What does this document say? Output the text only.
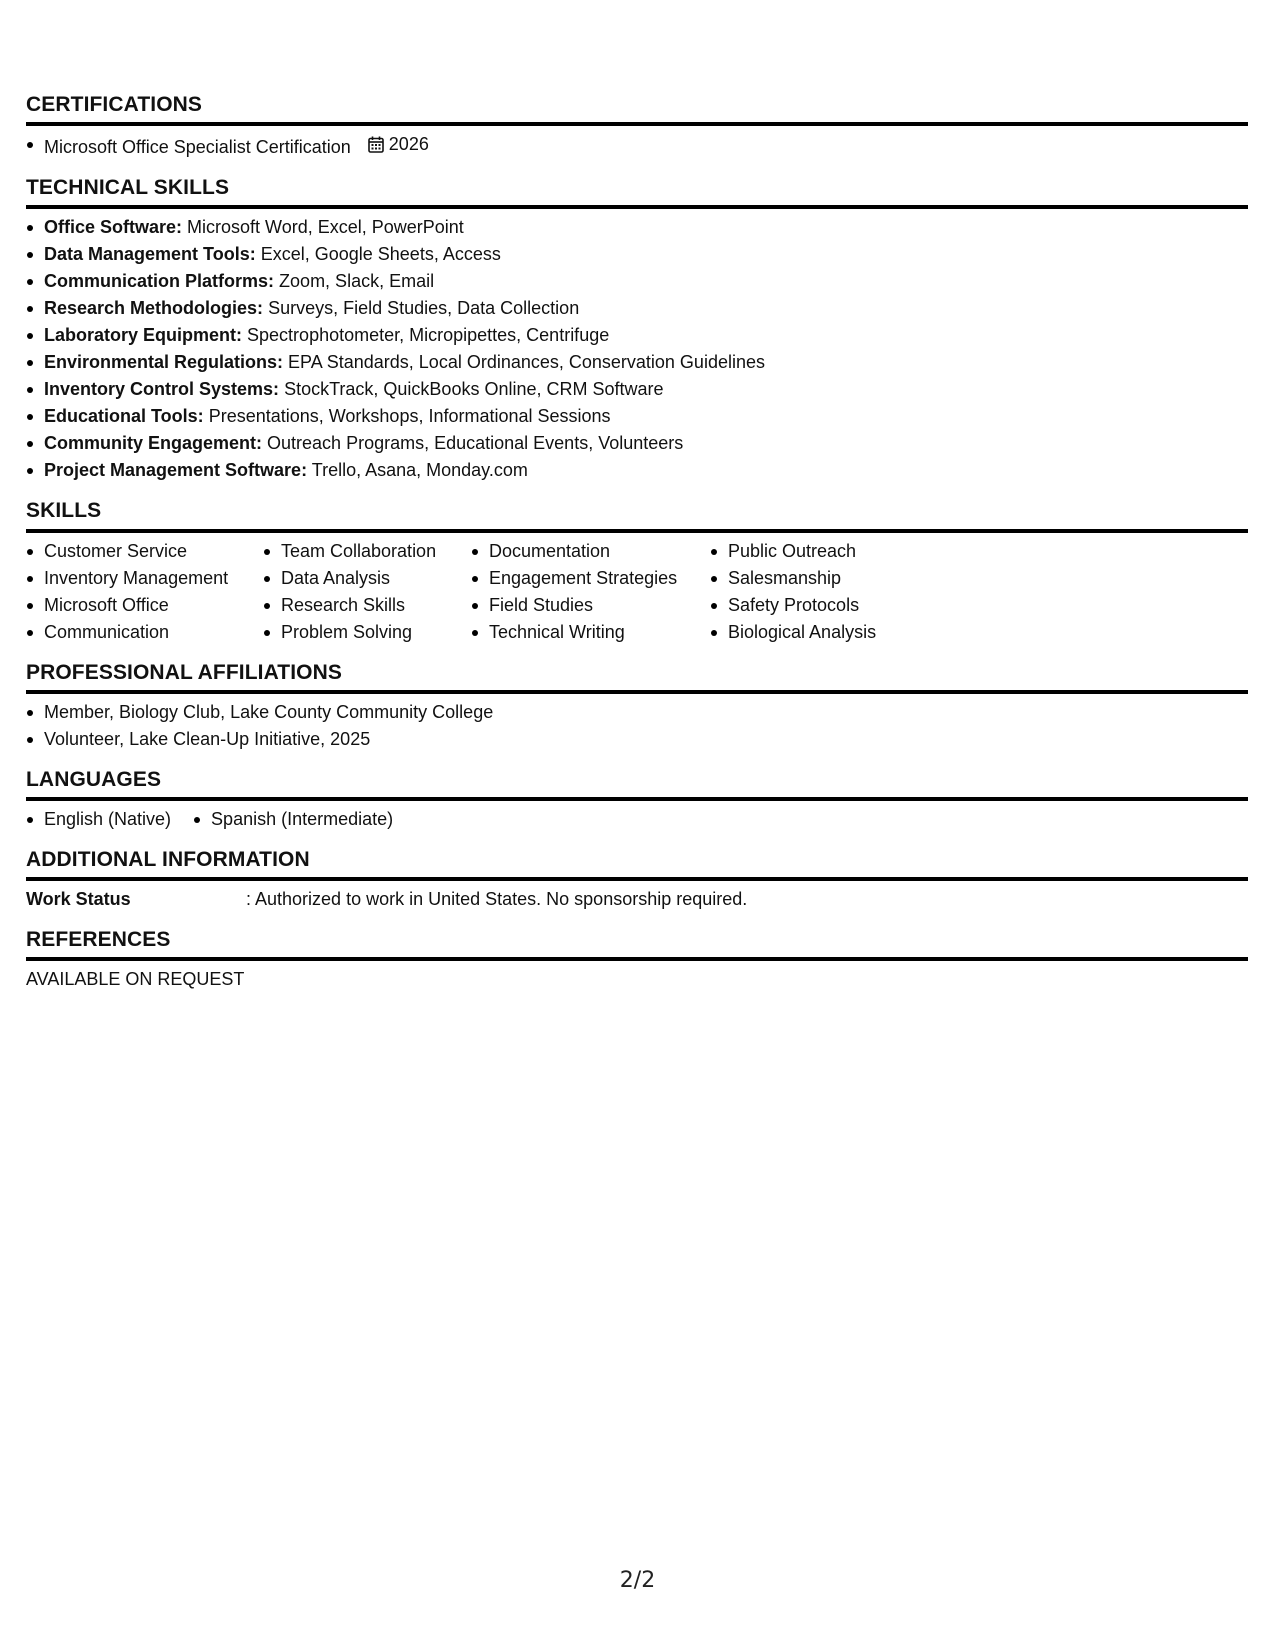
CERTIFICATIONS
Microsoft Office Specialist Certification 2026
TECHNICAL SKILLS
Office Software: Microsoft Word, Excel, PowerPoint
Data Management Tools: Excel, Google Sheets, Access
Communication Platforms: Zoom, Slack, Email
Research Methodologies: Surveys, Field Studies, Data Collection
Laboratory Equipment: Spectrophotometer, Micropipettes, Centrifuge
Environmental Regulations: EPA Standards, Local Ordinances, Conservation Guidelines
Inventory Control Systems: StockTrack, QuickBooks Online, CRM Software
Educational Tools: Presentations, Workshops, Informational Sessions
Community Engagement: Outreach Programs, Educational Events, Volunteers
Project Management Software: Trello, Asana, Monday.com
SKILLS
Customer Service
Inventory Management
Microsoft Office
Communication
Team Collaboration
Data Analysis
Research Skills
Problem Solving
Documentation
Engagement Strategies
Field Studies
Technical Writing
Public Outreach
Salesmanship
Safety Protocols
Biological Analysis
PROFESSIONAL AFFILIATIONS
Member, Biology Club, Lake County Community College
Volunteer, Lake Clean-Up Initiative, 2025
LANGUAGES
English (Native)	Spanish (Intermediate)
ADDITIONAL INFORMATION
Work Status	: Authorized to work in United States. No sponsorship required.
REFERENCES
AVAILABLE ON REQUEST
2/2
